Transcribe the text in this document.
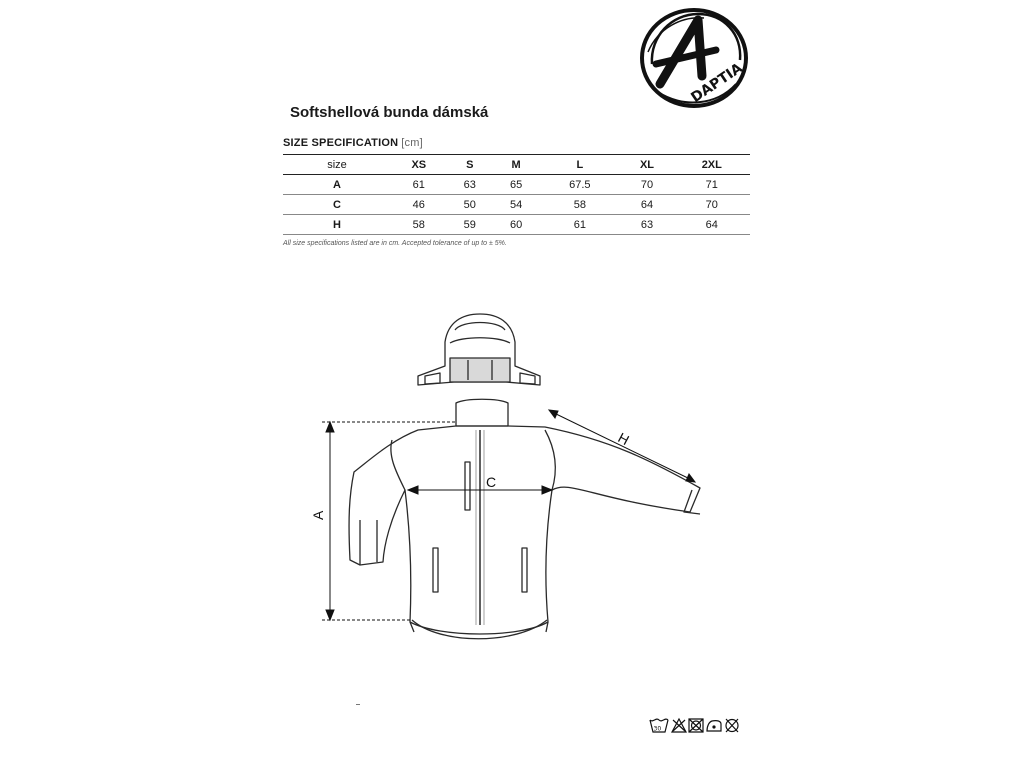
DAPTIA
Softshellová bunda dámská
SIZE SPECIFICATION [cm]
size	XS	S	M	L	XL	2XL
A	61	63	65	67.5	70	71
C	46	50	54	58	64	70
H	58	59	60	61	63	64
All size specifications listed are in cm. Accepted tolerance of up to ± 5%.
A
C
H
30
